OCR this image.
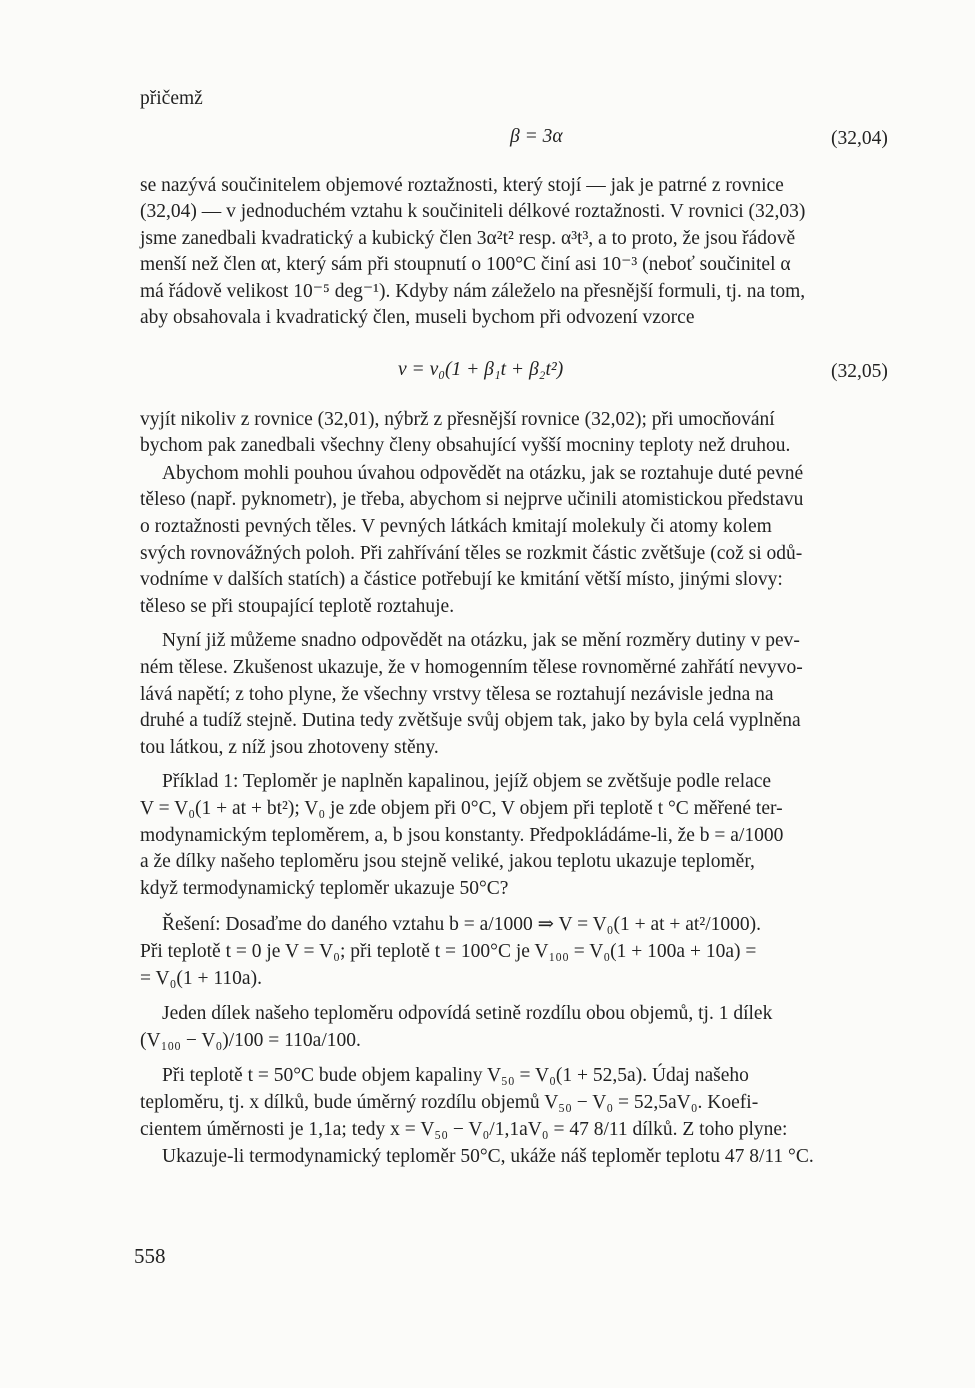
přičemž
β = 3α	(32,04)
se nazývá součinitelem objemové roztažnosti, který stojí — jak je patrné z rovnice
(32,04) — v jednoduchém vztahu k součiniteli délkové roztažnosti. V rovnici (32,03)
jsme zanedbali kvadratický a kubický člen 3α²t² resp. α³t³, a to proto, že jsou řádově
menší než člen αt, který sám při stoupnutí o 100°C činí asi 10⁻³ (neboť součinitel α
má řádově velikost 10⁻⁵ deg⁻¹). Kdyby nám záleželo na přesnější formuli, tj. na tom,
aby obsahovala i kvadratický člen, museli bychom při odvození vzorce
v = v₀(1 + β₁t + β₂t²)	(32,05)
vyjít nikoliv z rovnice (32,01), nýbrž z přesnější rovnice (32,02); při umocňování
bychom pak zanedbali všechny členy obsahující vyšší mocniny teploty než druhou.
Abychom mohli pouhou úvahou odpovědět na otázku, jak se roztahuje duté pevné
těleso (např. pyknometr), je třeba, abychom si nejprve učinili atomistickou představu
o roztažnosti pevných těles. V pevných látkách kmitají molekuly či atomy kolem
svých rovnovážných poloh. Při zahřívání těles se rozkmit částic zvětšuje (což si odů-
vodníme v dalších statích) a částice potřebují ke kmitání větší místo, jinými slovy:
těleso se při stoupající teplotě roztahuje.
Nyní již můžeme snadno odpovědět na otázku, jak se mění rozměry dutiny v pev-
ném tělese. Zkušenost ukazuje, že v homogenním tělese rovnoměrné zahřátí nevyvo-
lává napětí; z toho plyne, že všechny vrstvy tělesa se roztahují nezávisle jedna na
druhé a tudíž stejně. Dutina tedy zvětšuje svůj objem tak, jako by byla celá vyplněna
tou látkou, z níž jsou zhotoveny stěny.
Příklad 1: Teploměr je naplněn kapalinou, jejíž objem se zvětšuje podle relace
V = V₀(1 + at + bt²); V₀ je zde objem při 0°C, V objem při teplotě t °C měřené ter-
modynamickým teploměrem, a, b jsou konstanty. Předpokládáme-li, že b = a/1000
a že dílky našeho teploměru jsou stejně veliké, jakou teplotu ukazuje teploměr,
když termodynamický teploměr ukazuje 50°C?
Řešení: Dosaďme do daného vztahu b = a/1000 ⇒ V = V₀(1 + at + at²/1000).
Při teplotě t = 0 je V = V₀; při teplotě t = 100°C je V₁₀₀ = V₀(1 + 100a + 10a) =
= V₀(1 + 110a).
Jeden dílek našeho teploměru odpovídá setině rozdílu obou objemů, tj. 1 dílek
(V₁₀₀ − V₀)/100 = 110a/100.
Při teplotě t = 50°C bude objem kapaliny V₅₀ = V₀(1 + 52,5a). Údaj našeho
teploměru, tj. x dílků, bude úměrný rozdílu objemů V₅₀ − V₀ = 52,5aV₀. Koefi-
cientem úměrnosti je 1,1a; tedy x = V₅₀ − V₀/1,1aV₀ = 47 8/11 dílků. Z toho plyne:
Ukazuje-li termodynamický teploměr 50°C, ukáže náš teploměr teplotu 47 8/11 °C.
558
